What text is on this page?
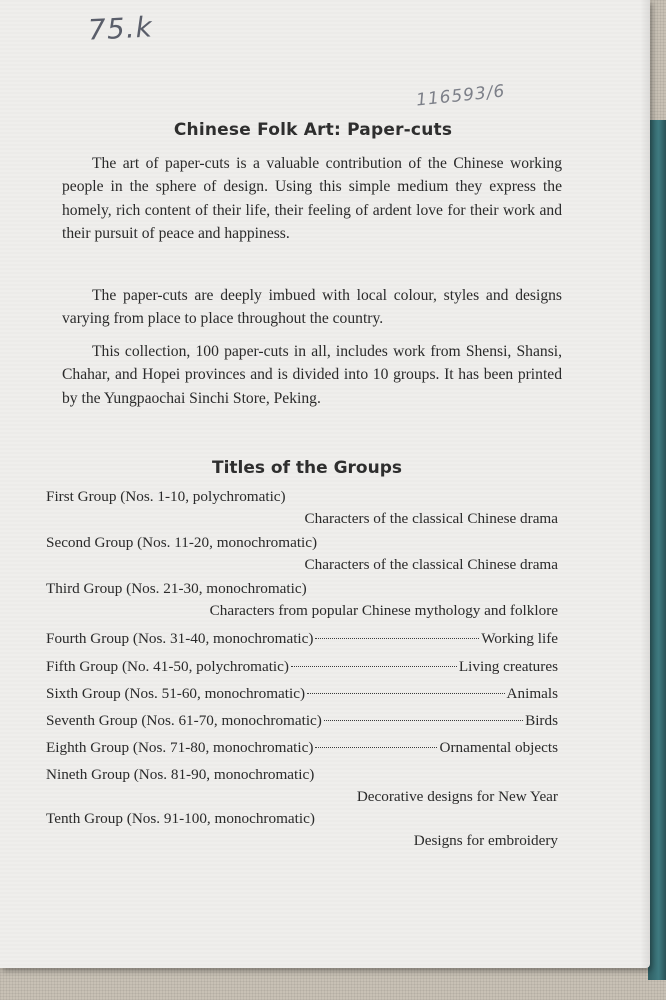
75.k
116593/6
Chinese Folk Art: Paper-cuts

The art of paper-cuts is a valuable contribution of the Chinese working people in the sphere of design. Using this simple medium they express the homely, rich content of their life, their feeling of ardent love for their work and their pursuit of peace and happiness.

The paper-cuts are deeply imbued with local colour, styles and designs varying from place to place throughout the country.

This collection, 100 paper-cuts in all, includes work from Shensi, Shansi, Chahar, and Hopei provinces and is divided into 10 groups. It has been printed by the Yungpaochai Sinchi Store, Peking.

Titles of the Groups
First Group (Nos. 1-10, polychromatic)
Characters of the classical Chinese drama
Second Group (Nos. 11-20, monochromatic)
Characters of the classical Chinese drama
Third Group (Nos. 21-30, monochromatic)
Characters from popular Chinese mythology and folklore
Fourth Group (Nos. 31-40, monochromatic)	Working life
Fifth Group (No. 41-50, polychromatic)	Living creatures
Sixth Group (Nos. 51-60, monochromatic)	Animals
Seventh Group (Nos. 61-70, monochromatic)	Birds
Eighth Group (Nos. 71-80, monochromatic)	Ornamental objects
Nineth Group (Nos. 81-90, monochromatic)
Decorative designs for New Year
Tenth Group (Nos. 91-100, monochromatic)
Designs for embroidery
